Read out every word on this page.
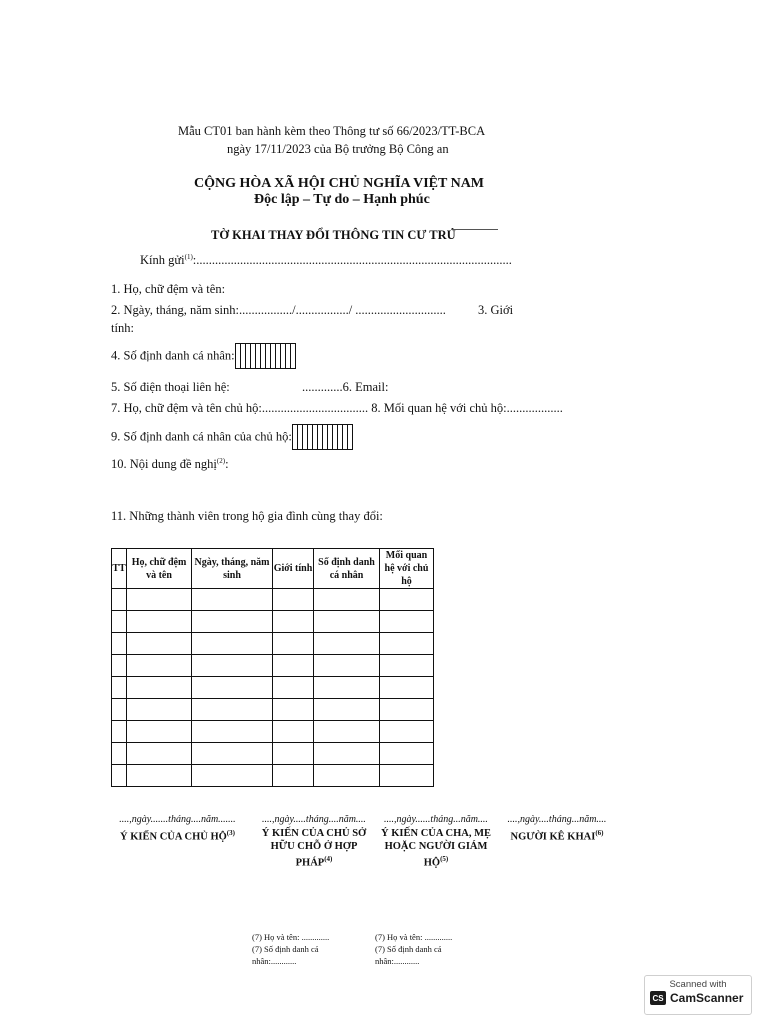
Mẫu CT01 ban hành kèm theo Thông tư số 66/2023/TT-BCA
ngày 17/11/2023 của Bộ trưởng Bộ Công an
CỘNG HÒA XÃ HỘI CHỦ NGHĨA VIỆT NAM
Độc lập – Tự do – Hạnh phúc
TỜ KHAI THAY ĐỔI THÔNG TIN CƯ TRÚ
Kính gửi$^{(1)}$:.....................................................................................................
1. Họ, chữ đệm và tên:
2. Ngày, tháng, năm sinh:................./................./ .............................	3. Giới
tính:
4. Số định danh cá nhân:
5. Số điện thoại liên hệ:	.............6. Email:
7. Họ, chữ đệm và tên chủ hộ:.................................. 8. Mối quan hệ với chủ hộ:..................
9. Số định danh cá nhân của chủ hộ:
10. Nội dung đề nghị$^{(2)}$:
11. Những thành viên trong hộ gia đình cùng thay đổi:
TT	Họ, chữ đệm và tên	Ngày, tháng, năm sinh	Giới tính	Số định danh cá nhân	Mối quan hệ với chủ hộ

....,ngày.......tháng....năm.......
Ý KIẾN CỦA CHỦ HỘ$^{(3)}$
....,ngày.....tháng....năm....
Ý KIẾN CỦA CHỦ SỞ HỮU CHỖ Ở HỢP PHÁP$^{(4)}$
....,ngày......tháng...năm....
Ý KIẾN CỦA CHA, MẸ HOẶC NGƯỜI GIÁM HỘ$^{(5)}$
....,ngày....tháng...năm....
NGƯỜI KÊ KHAI$^{(6)}$
(7) Họ và tên: .............
(7) Số định danh cá
nhân:............
(7) Họ và tên: .............
(7) Số định danh cá
nhân:............
Scanned with
CS CamScanner
